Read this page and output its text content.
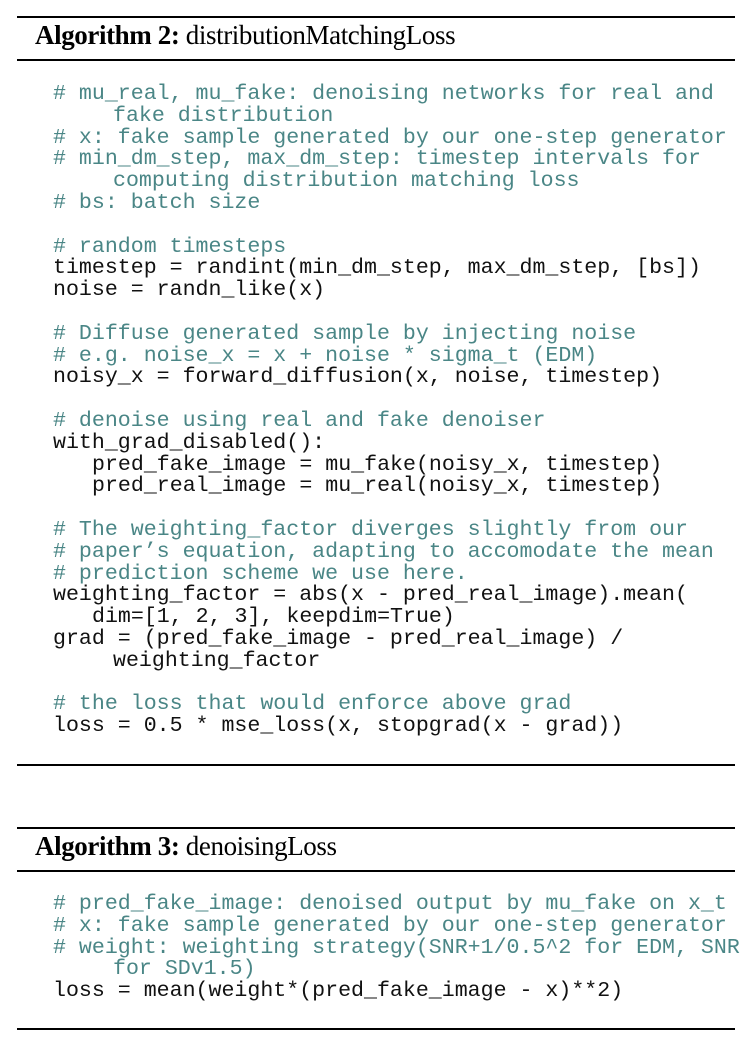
Algorithm 2: distributionMatchingLoss
# mu_real, mu_fake: denoising networks for real and
fake distribution
# x: fake sample generated by our one-step generator
# min_dm_step, max_dm_step: timestep intervals for
computing distribution matching loss
# bs: batch size
# random timesteps
timestep = randint(min_dm_step, max_dm_step, [bs])
noise = randn_like(x)
# Diffuse generated sample by injecting noise
# e.g. noise_x = x + noise * sigma_t (EDM)
noisy_x = forward_diffusion(x, noise, timestep)
# denoise using real and fake denoiser
with_grad_disabled():
pred_fake_image = mu_fake(noisy_x, timestep)
pred_real_image = mu_real(noisy_x, timestep)
# The weighting_factor diverges slightly from our
# paper’s equation, adapting to accomodate the mean
# prediction scheme we use here.
weighting_factor = abs(x - pred_real_image).mean(
dim=[1, 2, 3], keepdim=True)
grad = (pred_fake_image - pred_real_image) /
weighting_factor
# the loss that would enforce above grad
loss = 0.5 * mse_loss(x, stopgrad(x - grad))
Algorithm 3: denoisingLoss
# pred_fake_image: denoised output by mu_fake on x_t
# x: fake sample generated by our one-step generator
# weight: weighting strategy(SNR+1/0.5^2 for EDM, SNR
for SDv1.5)
loss = mean(weight*(pred_fake_image - x)**2)
